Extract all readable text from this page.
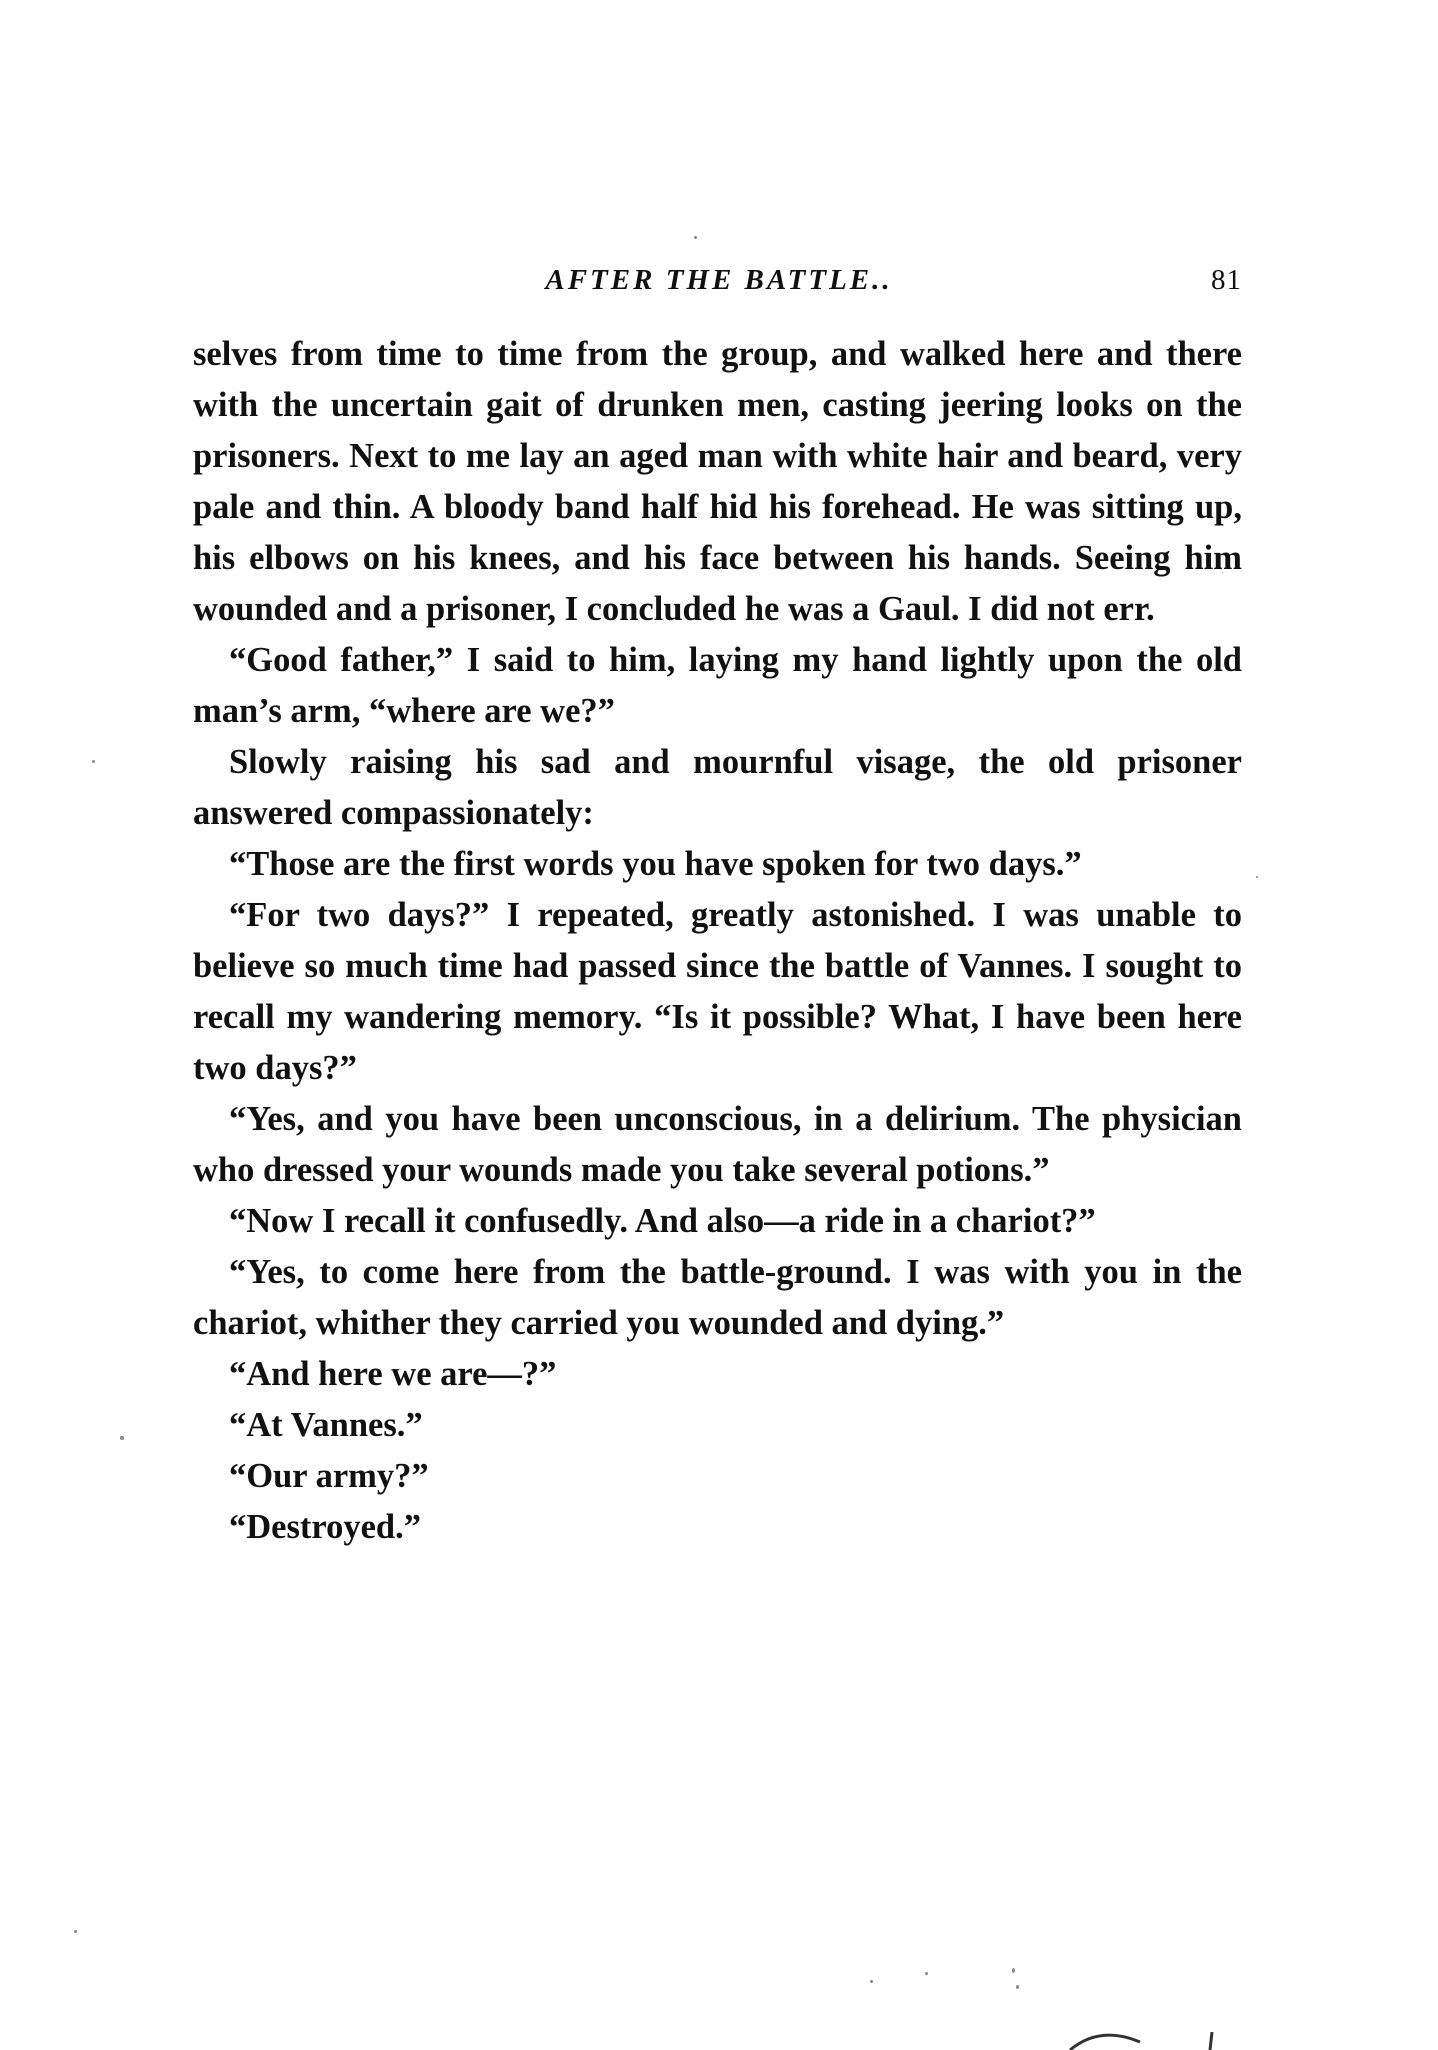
AFTER THE BATTLE..	81

selves from time to time from the group, and walked here and there with the uncertain gait of drunken men, casting jeering looks on the prisoners. Next to me lay an aged man with white hair and beard, very pale and thin. A bloody band half hid his forehead. He was sitting up, his elbows on his knees, and his face between his hands. Seeing him wounded and a prisoner, I concluded he was a Gaul. I did not err.

“Good father,” I said to him, laying my hand lightly upon the old man’s arm, “where are we?”

Slowly raising his sad and mournful visage, the old prisoner answered compassionately:

“Those are the first words you have spoken for two days.”

“For two days?” I repeated, greatly astonished. I was unable to believe so much time had passed since the battle of Vannes. I sought to recall my wandering memory. “Is it possible? What, I have been here two days?”

“Yes, and you have been unconscious, in a delirium. The physician who dressed your wounds made you take several potions.”

“Now I recall it confusedly. And also—a ride in a chariot?”

“Yes, to come here from the battle-ground. I was with you in the chariot, whither they carried you wounded and dying.”

“And here we are—?”

“At Vannes.”

“Our army?”

“Destroyed.”
